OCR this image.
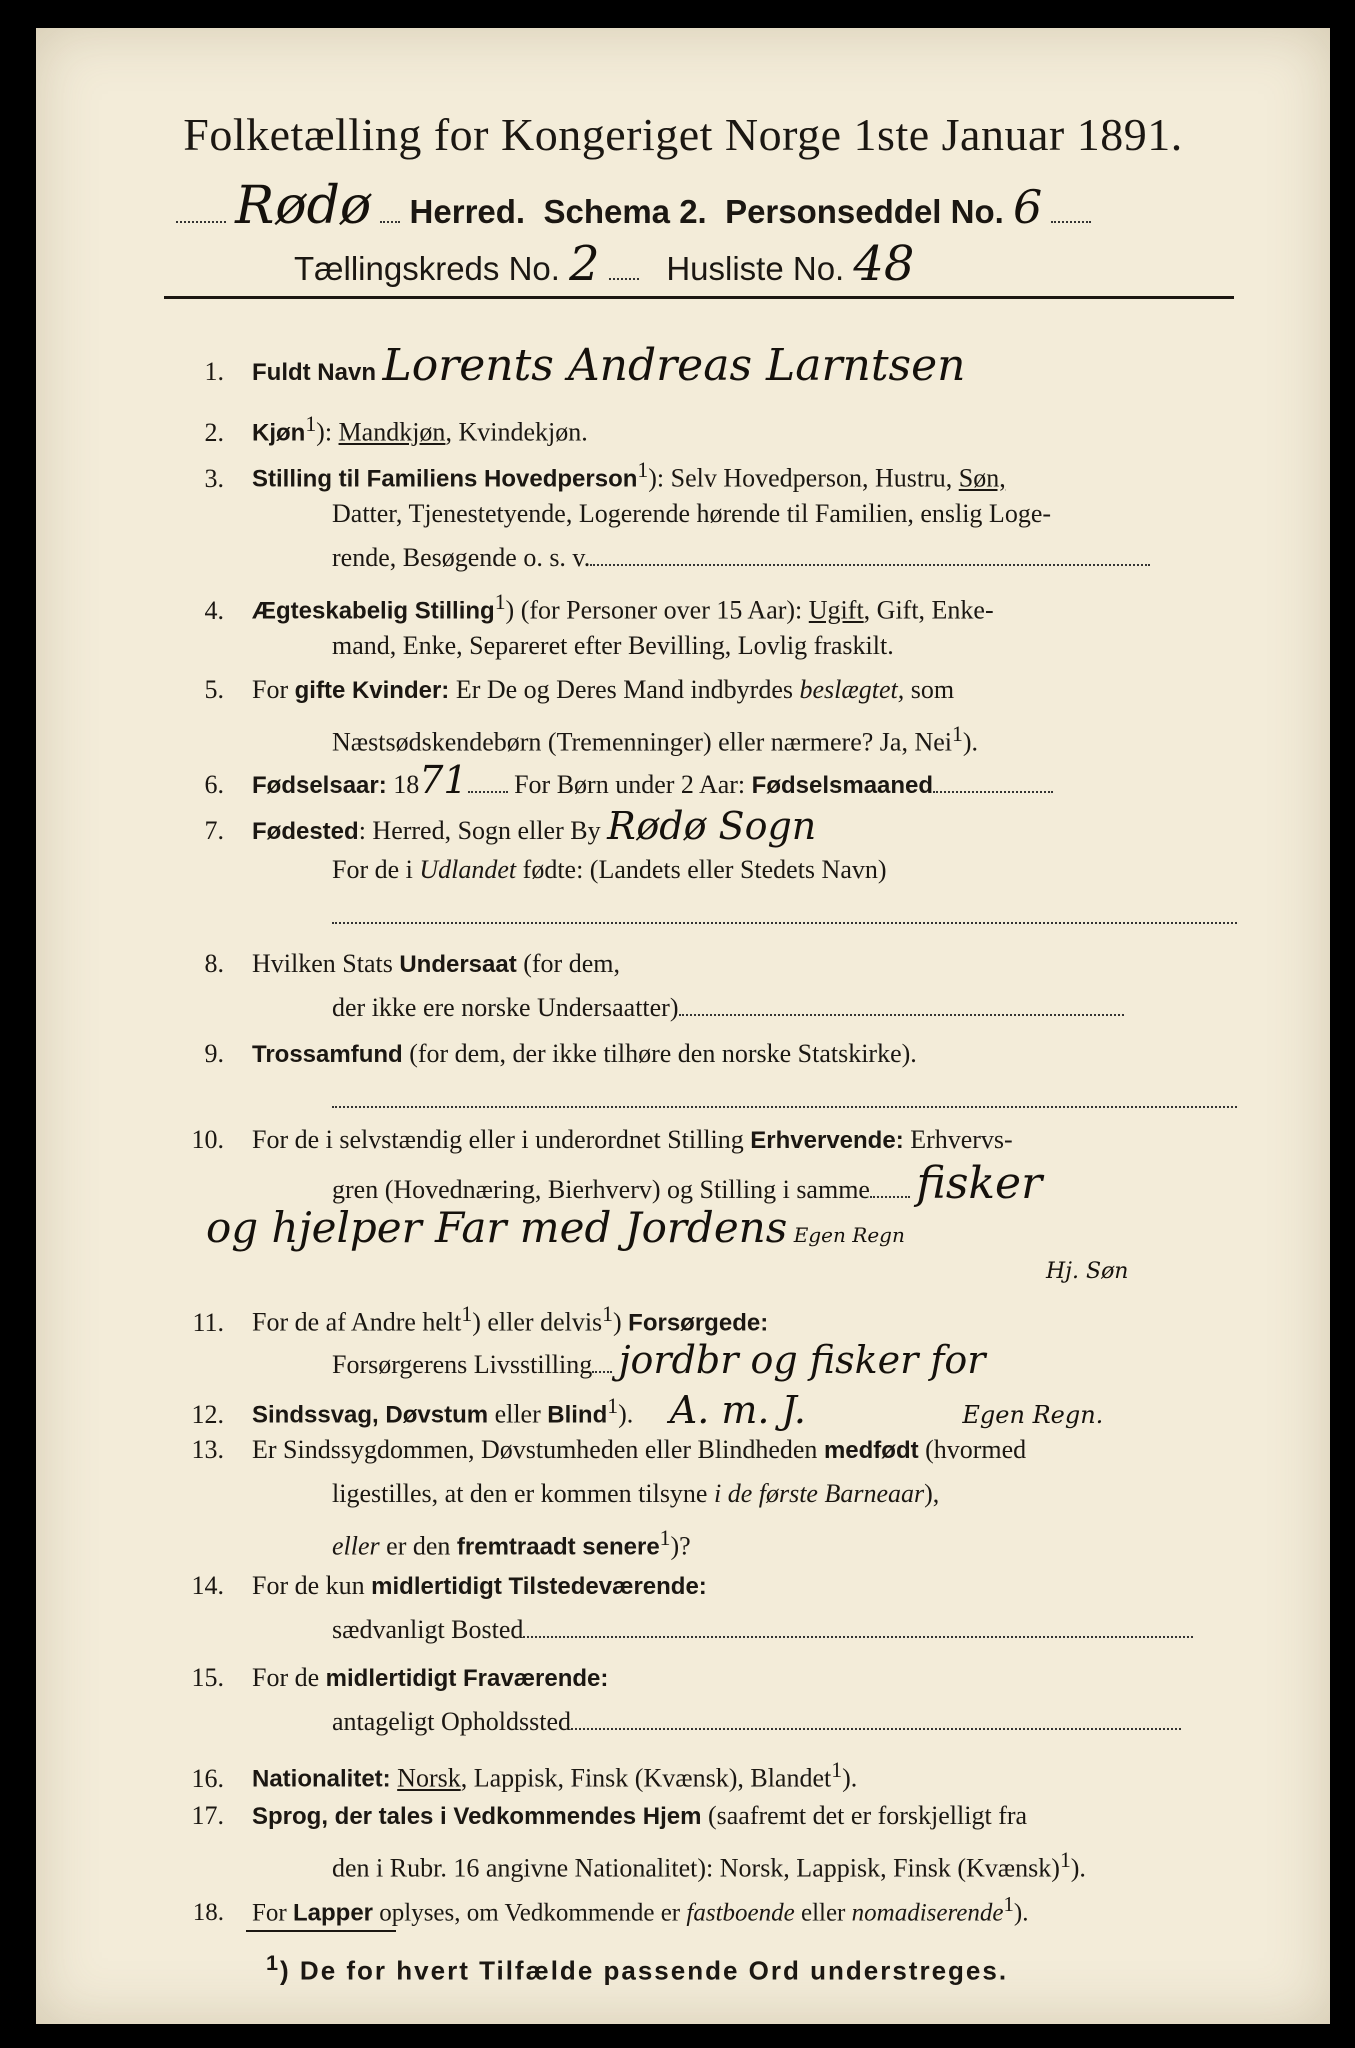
Folketælling for Kongeriget Norge 1ste Januar 1891.
Rødø Herred. Schema 2. Personseddel No. 6
Tællingskreds No. 2 Husliste No. 48
1. Fuldt Navn Lorents Andreas Larntsen
2. Kjøn$^1$): Mandkjøn, Kvindekjøn.
3. Stilling til Familiens Hovedperson$^1$): Selv Hovedperson, Hustru, Søn,
Datter, Tjenestetyende, Logerende hørende til Familien, enslig Loge-
rende, Besøgende o. s. v.
4. Ægteskabelig Stilling$^1$) (for Personer over 15 Aar): Ugift, Gift, Enke-
mand, Enke, Separeret efter Bevilling, Lovlig fraskilt.
5. For gifte Kvinder: Er De og Deres Mand indbyrdes beslægtet, som
Næstsødskendebørn (Tremenninger) eller nærmere? Ja, Nei$^1$).
6. Fødselsaar: 1871 For Børn under 2 Aar: Fødselsmaaned
7. Fødested: Herred, Sogn eller By Rødø Sogn
For de i Udlandet fødte: (Landets eller Stedets Navn)
8. Hvilken Stats Undersaat (for dem,
der ikke ere norske Undersaatter)
9. Trossamfund (for dem, der ikke tilhøre den norske Statskirke).
10. For de i selvstændig eller i underordnet Stilling Erhvervende: Erhvervs-
gren (Hovednæring, Bierhverv) og Stilling i samme fisker
og hjelper Far med Jordens Egen Regn
Hj. Søn
11. For de af Andre helt$^1$) eller delvis$^1$) Forsørgede:
Forsørgerens Livsstilling jordbr og fisker for
12. Sindssvag, Døvstum eller Blind$^1$). A. m. J.	Egen Regn.
13. Er Sindssygdommen, Døvstumheden eller Blindheden medfødt (hvormed
ligestilles, at den er kommen tilsyne i de første Barneaar),
eller er den fremtraadt senere$^1$)?
14. For de kun midlertidigt Tilstedeværende:
sædvanligt Bosted
15. For de midlertidigt Fraværende:
antageligt Opholdssted
16. Nationalitet: Norsk, Lappisk, Finsk (Kvænsk), Blandet$^1$).
17. Sprog, der tales i Vedkommendes Hjem (saafremt det er forskjelligt fra
den i Rubr. 16 angivne Nationalitet): Norsk, Lappisk, Finsk (Kvænsk)$^1$).
18. For Lapper oplyses, om Vedkommende er fastboende eller nomadiserende$^1$).
$^1$) De for hvert Tilfælde passende Ord understreges.
